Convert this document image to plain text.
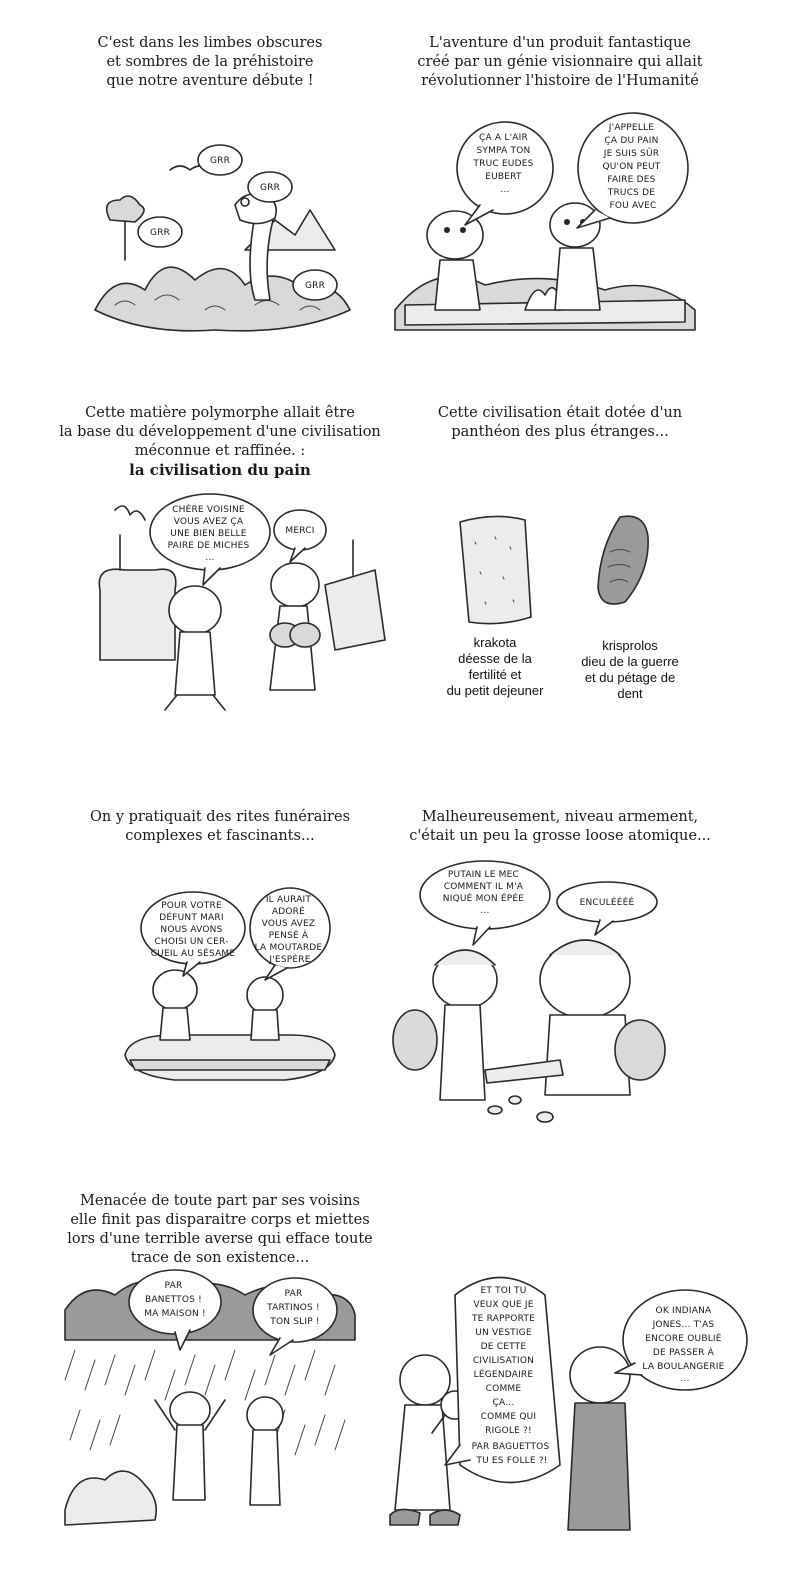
C'est dans les limbes obscures
et sombres de la préhistoire
que notre aventure débute !
GRR
GRR
GRR
GRR
L'aventure d'un produit fantastique
créé par un génie visionnaire qui allait
révolutionner l'histoire de l'Humanité
ÇA A L'AIR SYMPA TON TRUC EUDES EUBERT ...
J'APPELLE ÇA DU PAIN JE SUIS SÛR QU'ON PEUT FAIRE DES TRUCS DE FOU AVEC
Cette matière polymorphe allait être
la base du développement d'une civilisation
méconnue et raffinée. :
la civilisation du pain
CHÈRE VOISINE VOUS AVEZ ÇA UNE BIEN BELLE PAIRE DE MICHES ...
MERCI
Cette civilisation était dotée d'un
panthéon des plus étranges...
krakota
déesse de la
fertilité et
du petit dejeuner
krisprolos
dieu de la guerre
et du pétage de
dent
On y pratiquait des rites funéraires
complexes et fascinants...
POUR VOTRE DÉFUNT MARI NOUS AVONS CHOISI UN CER- CUEIL AU SÉSAME
IL AURAIT ADORÉ VOUS AVEZ PENSÉ À LA MOUTARDE J'ESPÈRE
Malheureusement, niveau armement,
c'était un peu la grosse loose atomique...
PUTAIN LE MEC COMMENT IL M'A NIQUÉ MON ÉPÉE ...
ENCULÉÉÉÉ
Menacée de toute part par ses voisins
elle finit pas disparaitre corps et miettes
lors d'une terrible averse qui efface toute
trace de son existence...
PAR BANETTOS ! MA MAISON !
PAR TARTINOS ! TON SLIP !
ET TOI TU VEUX QUE JE TE RAPPORTE UN VESTIGE DE CETTE CIVILISATION LÉGENDAIRE COMME ÇA... COMME QUI RIGOLE ?! PAR BAGUETTOS TU ES FOLLE ?!
OK INDIANA JONES... T'AS ENCORE OUBLIÉ DE PASSER À LA BOULANGERIE ...
